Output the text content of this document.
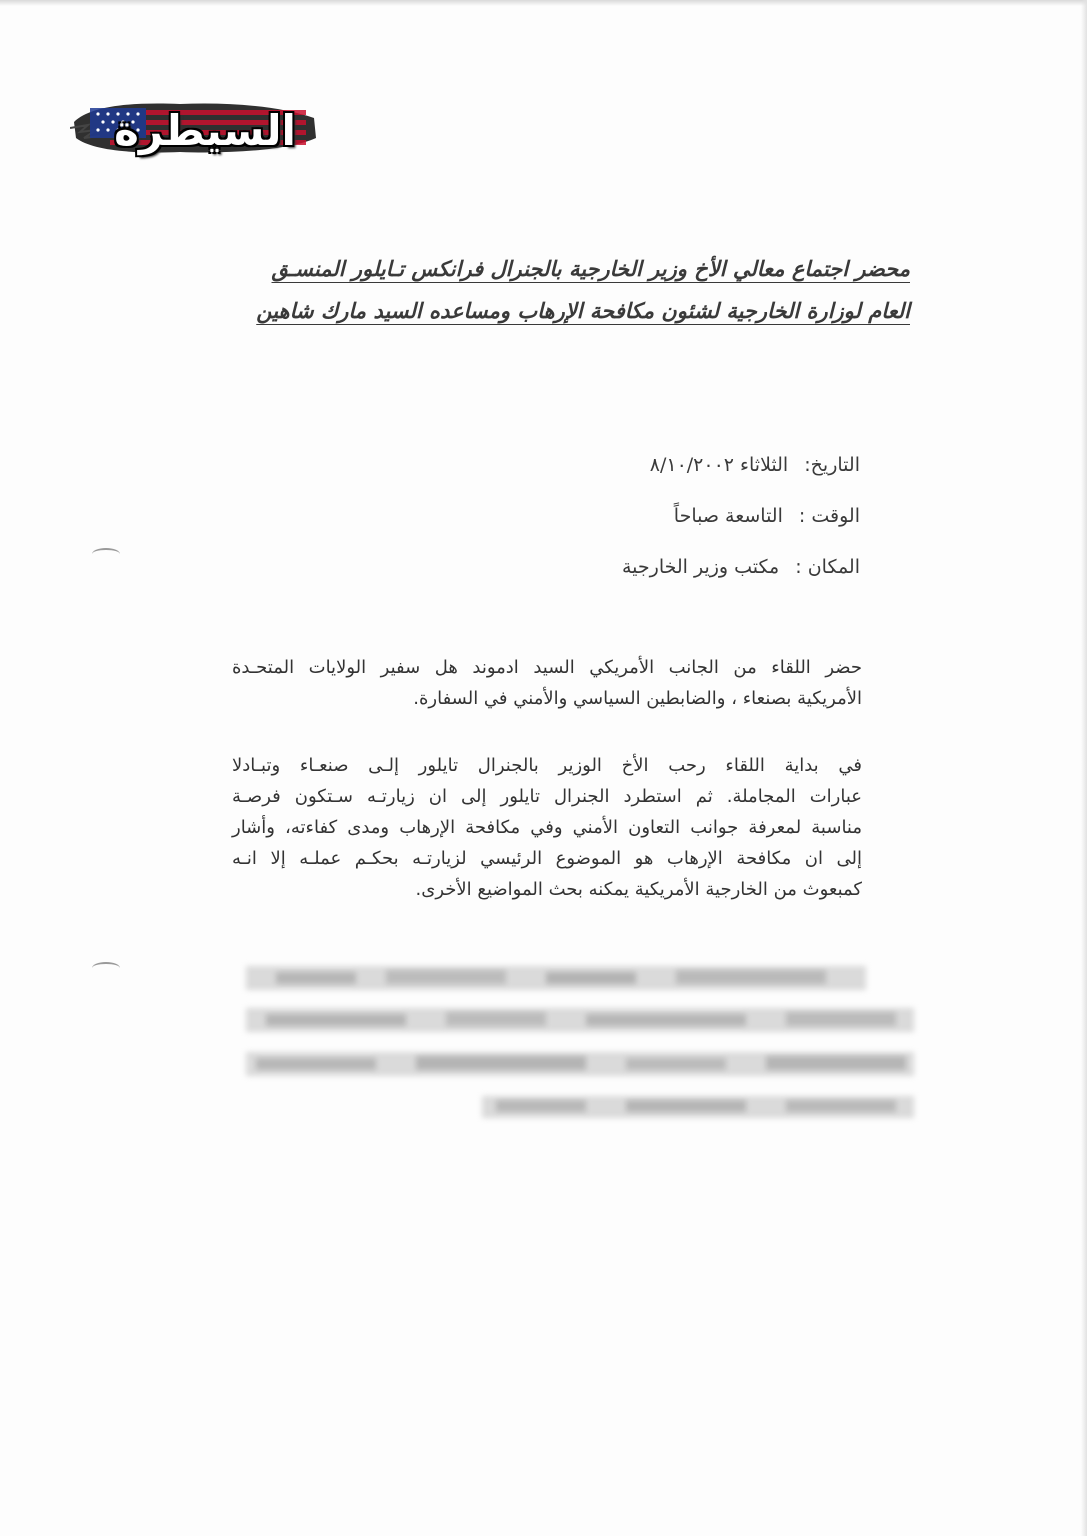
السيطرة
محضر اجتماع معالي الأخ وزير الخارجية بالجنرال فرانكس تـايلور المنسـق
العام لوزارة الخارجية لشئون مكافحة الإرهاب ومساعده السيد مارك شاهين
التاريخ: الثلاثاء ٨/١٠/٢٠٠٢
الوقت : التاسعة صباحاً
المكان : مكتب وزير الخارجية
حضر اللقاء من الجانب الأمريكي السيد ادموند هل سفير الولايات المتحـدة
الأمريكية بصنعاء ، والضابطين السياسي والأمني في السفارة.
في بداية اللقاء رحب الأخ الوزير بالجنرال تايلور إلـى صنعـاء وتبـادلا
عبارات المجاملة. ثم استطرد الجنرال تايلور إلى ان زيارتـه سـتكون فرصـة
مناسبة لمعرفة جوانب التعاون الأمني وفي مكافحة الإرهاب ومدى كفاءته، وأشار
إلى ان مكافحة الإرهاب هو الموضوع الرئيسي لزيارتـه بحكـم عملـه إلا انـه
كمبعوث من الخارجية الأمريكية يمكنه بحث المواضيع الأخرى.
